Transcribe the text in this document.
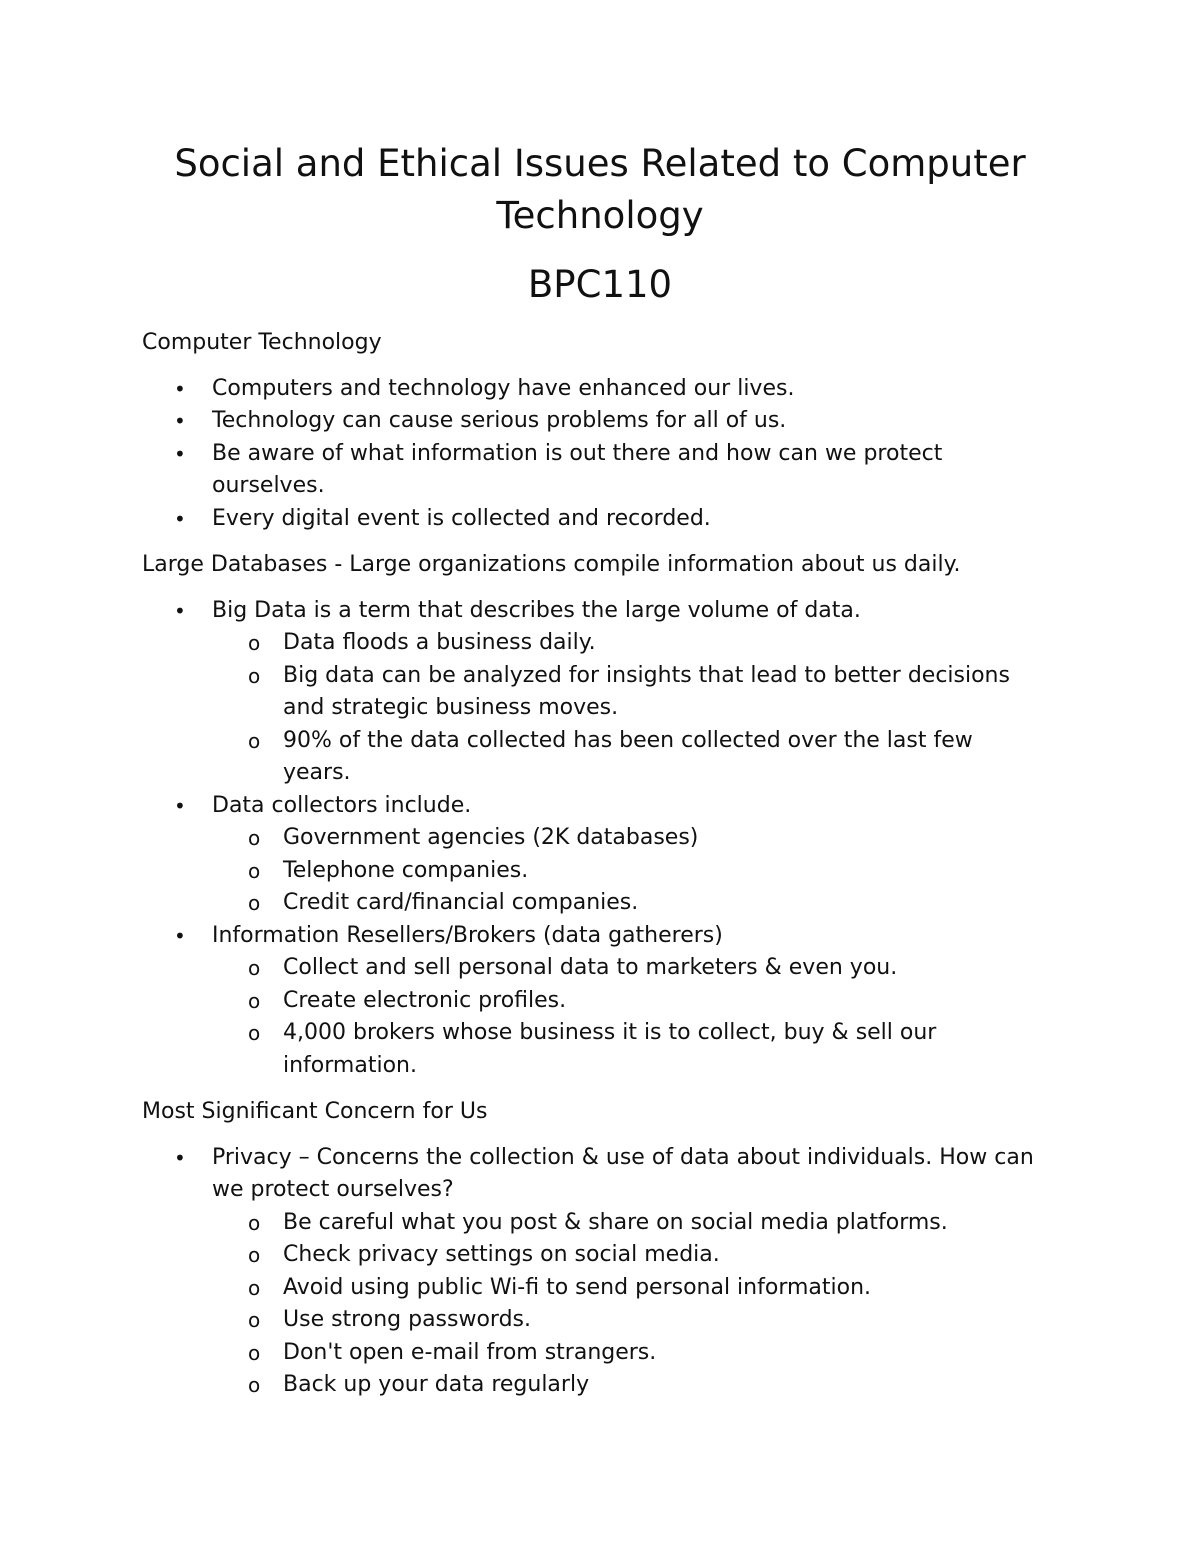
Social and Ethical Issues Related to Computer
Technology
BPC110

Computer Technology

• Computers and technology have enhanced our lives.
• Technology can cause serious problems for all of us.
• Be aware of what information is out there and how can we protect ourselves.
• Every digital event is collected and recorded.

Large Databases - Large organizations compile information about us daily.

• Big Data is a term that describes the large volume of data.
o Data floods a business daily.
o Big data can be analyzed for insights that lead to better decisions and strategic business moves.
o 90% of the data collected has been collected over the last few years.
• Data collectors include.
o Government agencies (2K databases)
o Telephone companies.
o Credit card/financial companies.
• Information Resellers/Brokers (data gatherers)
o Collect and sell personal data to marketers & even you.
o Create electronic profiles.
o 4,000 brokers whose business it is to collect, buy & sell our information.

Most Significant Concern for Us

• Privacy – Concerns the collection & use of data about individuals. How can we protect ourselves?
o Be careful what you post & share on social media platforms.
o Check privacy settings on social media.
o Avoid using public Wi-fi to send personal information.
o Use strong passwords.
o Don't open e-mail from strangers.
o Back up your data regularly
